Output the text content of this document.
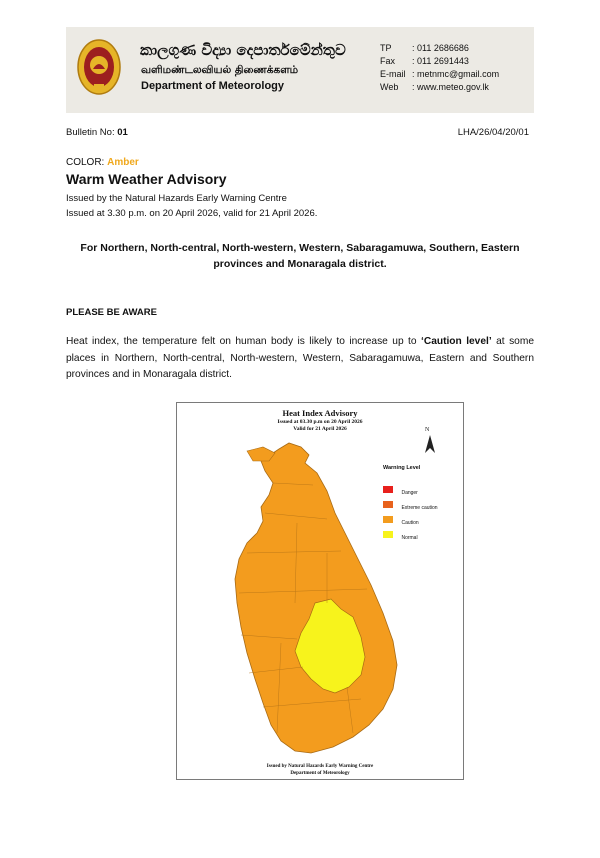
කාලගුණ විද්‍යා දෙපාර්තමේන්තුව
வளிமண்டலவியல் திணைக்களம்
Department of Meteorology
TP : 011 2686686
Fax : 011 2691443
E-mail : metnmc@gmail.com
Web : www.meteo.gov.lk
Bulletin No: 01	LHA/26/04/20/01
COLOR: Amber
Warm Weather Advisory
Issued by the Natural Hazards Early Warning Centre
Issued at 3.30 p.m. on 20 April 2026, valid for 21 April 2026.
For Northern, North-central, North-western, Western, Sabaragamuwa, Southern, Eastern provinces and Monaragala district.
PLEASE BE AWARE
Heat index, the temperature felt on human body is likely to increase up to ‘Caution level’ at some places in Northern, North-central, North-western, Western, Sabaragamuwa, Eastern and Southern provinces and in Monaragala district.
Heat Index Advisory
Issued at 03.30 p.m on 20 April 2026
Valid for 21 April 2026	N
Warning Level
Danger
Extreme caution
Caution
Normal
Issued by Natural Hazards Early Warning Centre
Department of Meteorology
